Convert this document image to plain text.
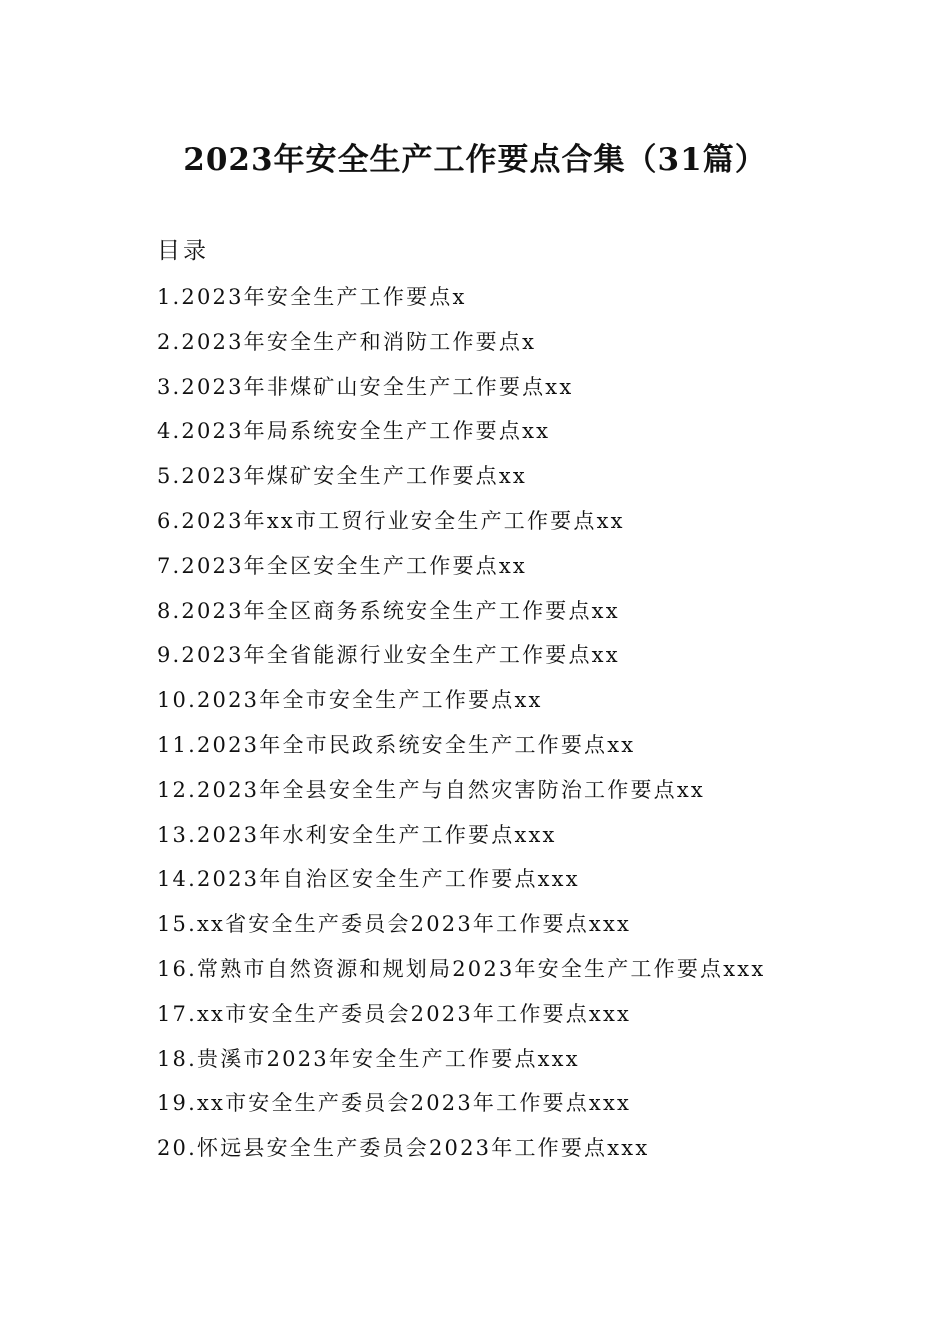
2023年安全生产工作要点合集（31篇）
目录
1.2023年安全生产工作要点x
2.2023年安全生产和消防工作要点x
3.2023年非煤矿山安全生产工作要点xx
4.2023年局系统安全生产工作要点xx
5.2023年煤矿安全生产工作要点xx
6.2023年xx市工贸行业安全生产工作要点xx
7.2023年全区安全生产工作要点xx
8.2023年全区商务系统安全生产工作要点xx
9.2023年全省能源行业安全生产工作要点xx
10.2023年全市安全生产工作要点xx
11.2023年全市民政系统安全生产工作要点xx
12.2023年全县安全生产与自然灾害防治工作要点xx
13.2023年水利安全生产工作要点xxx
14.2023年自治区安全生产工作要点xxx
15.xx省安全生产委员会2023年工作要点xxx
16.常熟市自然资源和规划局2023年安全生产工作要点xxx
17.xx市安全生产委员会2023年工作要点xxx
18.贵溪市2023年安全生产工作要点xxx
19.xx市安全生产委员会2023年工作要点xxx
20.怀远县安全生产委员会2023年工作要点xxx
